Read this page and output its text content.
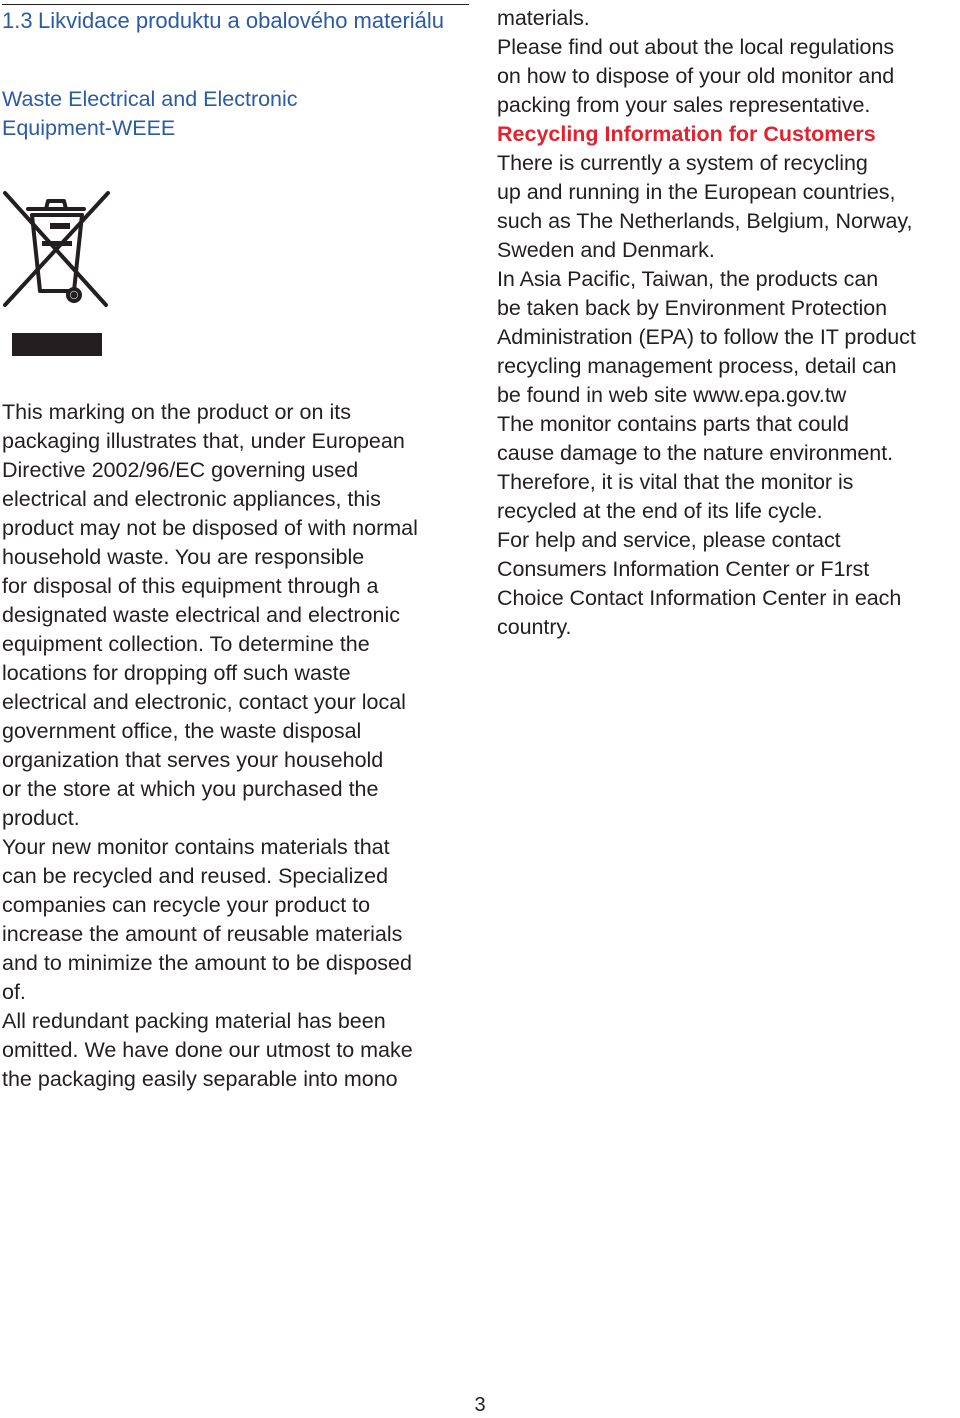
1.3 Likvidace produktu a obalového materiálu
Waste Electrical and Electronic
Equipment-WEEE

This marking on the product or on its
packaging illustrates that, under European
Directive 2002/96/EC governing used
electrical and electronic appliances, this
product may not be disposed of with normal
household waste. You are responsible
for disposal of this equipment through a
designated waste electrical and electronic
equipment collection. To determine the
locations for dropping off such waste
electrical and electronic, contact your local
government office, the waste disposal
organization that serves your household
or the store at which you purchased the
product.

Your new monitor contains materials that
can be recycled and reused. Specialized
companies can recycle your product to
increase the amount of reusable materials
and to minimize the amount to be disposed
of.

All redundant packing material has been
omitted. We have done our utmost to make
the packaging easily separable into mono

materials.

Please find out about the local regulations
on how to dispose of your old monitor and
packing from your sales representative.

Recycling Information for Customers

There is currently a system of recycling
up and running in the European countries,
such as The Netherlands, Belgium, Norway,
Sweden and Denmark.

In Asia Pacific, Taiwan, the products can
be taken back by Environment Protection
Administration (EPA) to follow the IT product
recycling management process, detail can
be found in web site www.epa.gov.tw

The monitor contains parts that could
cause damage to the nature environment.
Therefore, it is vital that the monitor is
recycled at the end of its life cycle.

For help and service, please contact
Consumers Information Center or F1rst
Choice Contact Information Center in each
country.

3
